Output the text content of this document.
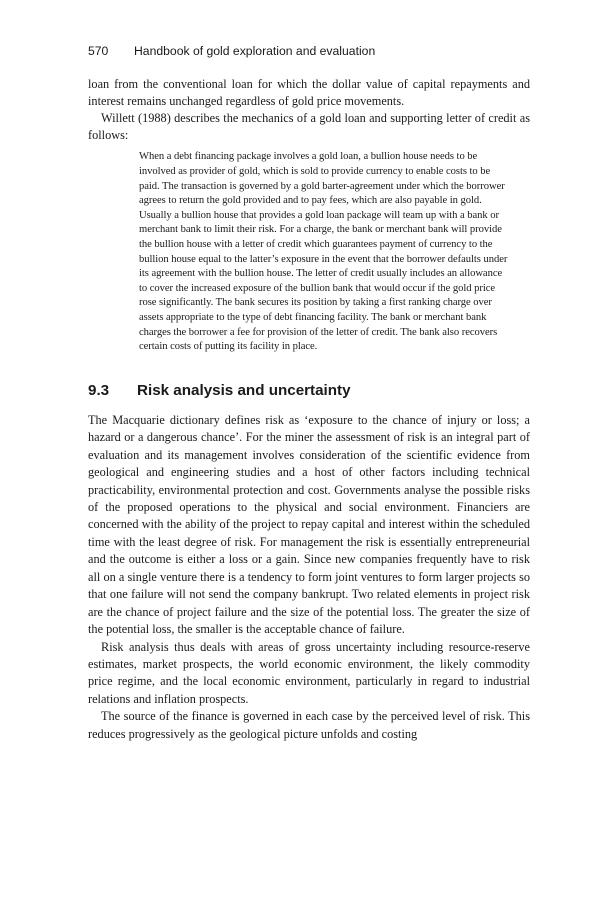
570 Handbook of gold exploration and evaluation

loan from the conventional loan for which the dollar value of capital repayments and interest remains unchanged regardless of gold price movements.

Willett (1988) describes the mechanics of a gold loan and supporting letter of credit as follows:

When a debt financing package involves a gold loan, a bullion house needs to be involved as provider of gold, which is sold to provide currency to enable costs to be paid. The transaction is governed by a gold barter-agreement under which the borrower agrees to return the gold provided and to pay fees, which are also payable in gold. Usually a bullion house that provides a gold loan package will team up with a bank or merchant bank to limit their risk. For a charge, the bank or merchant bank will provide the bullion house with a letter of credit which guarantees payment of currency to the bullion house equal to the latter’s exposure in the event that the borrower defaults under its agreement with the bullion house. The letter of credit usually includes an allowance to cover the increased exposure of the bullion bank that would occur if the gold price rose significantly. The bank secures its position by taking a first ranking charge over assets appropriate to the type of debt financing facility. The bank or merchant bank charges the borrower a fee for provision of the letter of credit. The bank also recovers certain costs of putting its facility in place.

9.3 Risk analysis and uncertainty

The Macquarie dictionary defines risk as ‘exposure to the chance of injury or loss; a hazard or a dangerous chance’. For the miner the assessment of risk is an integral part of evaluation and its management involves consideration of the scientific evidence from geological and engineering studies and a host of other factors including technical practicability, environmental protection and cost. Governments analyse the possible risks of the proposed operations to the physical and social environment. Financiers are concerned with the ability of the project to repay capital and interest within the scheduled time with the least degree of risk. For management the risk is essentially entrepreneurial and the outcome is either a loss or a gain. Since new companies frequently have to risk all on a single venture there is a tendency to form joint ventures to form larger projects so that one failure will not send the company bankrupt. Two related elements in project risk are the chance of project failure and the size of the potential loss. The greater the size of the potential loss, the smaller is the acceptable chance of failure.

Risk analysis thus deals with areas of gross uncertainty including resource-reserve estimates, market prospects, the world economic environment, the likely commodity price regime, and the local economic environment, particularly in regard to industrial relations and inflation prospects.

The source of the finance is governed in each case by the perceived level of risk. This reduces progressively as the geological picture unfolds and costing
